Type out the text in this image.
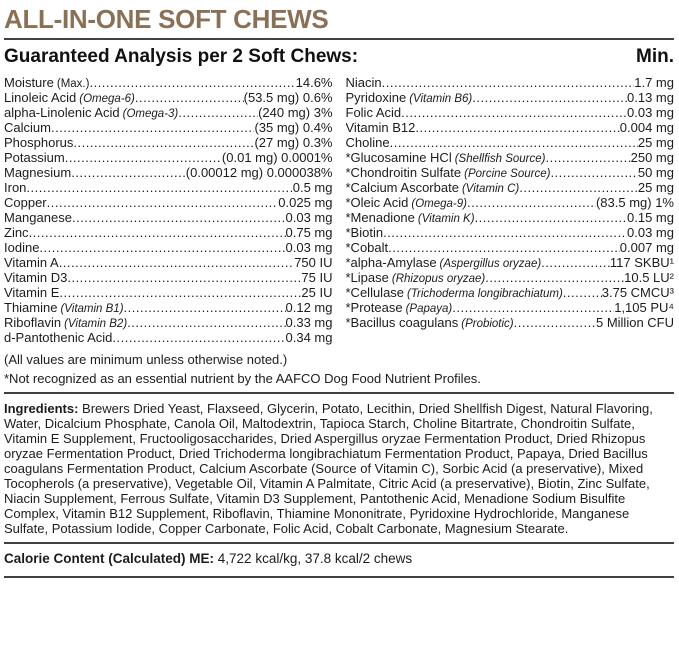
ALL-IN-ONE SOFT CHEWS
Guaranteed Analysis per 2 Soft Chews:	Min.
Moisture (Max.) .....	14.6%
Linoleic Acid (Omega-6) .....	(53.5 mg) 0.6%
alpha-Linolenic Acid (Omega-3) .....	(240 mg) 3%
Calcium .....	(35 mg) 0.4%
Phosphorus .....	(27 mg) 0.3%
Potassium .....	(0.01 mg) 0.0001%
Magnesium .....	(0.00012 mg) 0.000038%
Iron .....	0.5 mg
Copper .....	0.025 mg
Manganese .....	0.03 mg
Zinc .....	0.75 mg
Iodine .....	0.03 mg
Vitamin A .....	750 IU
Vitamin D3 .....	75 IU
Vitamin E .....	25 IU
Thiamine (Vitamin B1) .....	0.12 mg
Riboflavin (Vitamin B2) .....	0.33 mg
d-Pantothenic Acid .....	0.34 mg
Niacin .....	1.7 mg
Pyridoxine (Vitamin B6) .....	0.13 mg
Folic Acid .....	0.03 mg
Vitamin B12 .....	0.004 mg
Choline .....	25 mg
*Glucosamine HCl (Shellfish Source) .....	250 mg
*Chondroitin Sulfate (Porcine Source) .....	50 mg
*Calcium Ascorbate (Vitamin C) .....	25 mg
*Oleic Acid (Omega-9) .....	(83.5 mg) 1%
*Menadione (Vitamin K) .....	0.15 mg
*Biotin .....	0.03 mg
*Cobalt .....	0.007 mg
*alpha-Amylase (Aspergillus oryzae) .....	117 SKBU¹
*Lipase (Rhizopus oryzae) .....	10.5 LU²
*Cellulase (Trichoderma longibrachiatum) .....	3.75 CMCU³
*Protease (Papaya) .....	1,105 PU⁴
*Bacillus coagulans (Probiotic) .....	5 Million CFU

(All values are minimum unless otherwise noted.)

*Not recognized as an essential nutrient by the AAFCO Dog Food Nutrient Profiles.

Ingredients: Brewers Dried Yeast, Flaxseed, Glycerin, Potato, Lecithin, Dried Shellfish Digest, Natural Flavoring, Water, Dicalcium Phosphate, Canola Oil, Maltodextrin, Tapioca Starch, Choline Bitartrate, Chondroitin Sulfate, Vitamin E Supplement, Fructooligosaccharides, Dried Aspergillus oryzae Fermentation Product, Dried Rhizopus oryzae Fermentation Product, Dried Trichoderma longibrachiatum Fermentation Product, Papaya, Dried Bacillus coagulans Fermentation Product, Calcium Ascorbate (Source of Vitamin C), Sorbic Acid (a preservative), Mixed Tocopherols (a preservative), Vegetable Oil, Vitamin A Palmitate, Citric Acid (a preservative), Biotin, Zinc Sulfate, Niacin Supplement, Ferrous Sulfate, Vitamin D3 Supplement, Pantothenic Acid, Menadione Sodium Bisulfite Complex, Vitamin B12 Supplement, Riboflavin, Thiamine Mononitrate, Pyridoxine Hydrochloride, Manganese Sulfate, Potassium Iodide, Copper Carbonate, Folic Acid, Cobalt Carbonate, Magnesium Stearate.

Calorie Content (Calculated) ME: 4,722 kcal/kg, 37.8 kcal/2 chews
